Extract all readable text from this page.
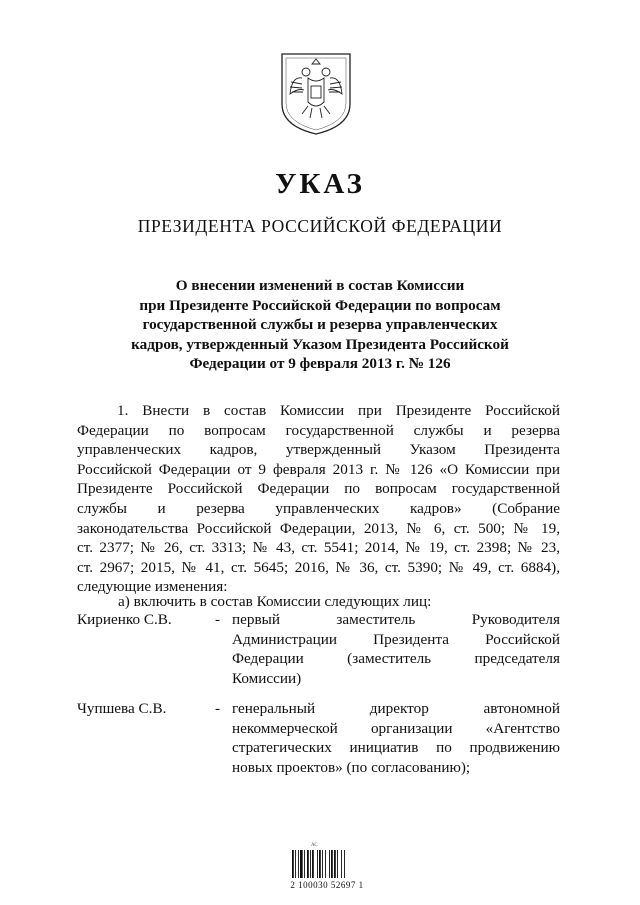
УКАЗ
ПРЕЗИДЕНТА РОССИЙСКОЙ ФЕДЕРАЦИИ
О внесении изменений в состав Комиссии
при Президенте Российской Федерации по вопросам
государственной службы и резерва управленческих
кадров, утвержденный Указом Президента Российской
Федерации от 9 февраля 2013 г. № 126
1. Внести в состав Комиссии при Президенте Российской
Федерации по вопросам государственной службы и резерва
управленческих кадров, утвержденный Указом Президента
Российской Федерации от 9 февраля 2013 г. № 126 «О Комиссии при
Президенте Российской Федерации по вопросам государственной
службы и резерва управленческих кадров» (Собрание
законодательства Российской Федерации, 2013, № 6, ст. 500; № 19,
ст. 2377; № 26, ст. 3313; № 43, ст. 5541; 2014, № 19, ст. 2398; № 23,
ст. 2967; 2015, № 41, ст. 5645; 2016, № 36, ст. 5390; № 49, ст. 6884),
следующие изменения:
а) включить в состав Комиссии следующих лиц:
Кириенко С.В.	- первый заместитель Руководителя
Администрации Президента Российской
Федерации (заместитель председателя
Комиссии)
Чупшева С.В.	- генеральный директор автономной
некоммерческой организации «Агентство
стратегических инициатив по продвижению
новых проектов» (по согласованию);
АС
2 100030 52697 1
